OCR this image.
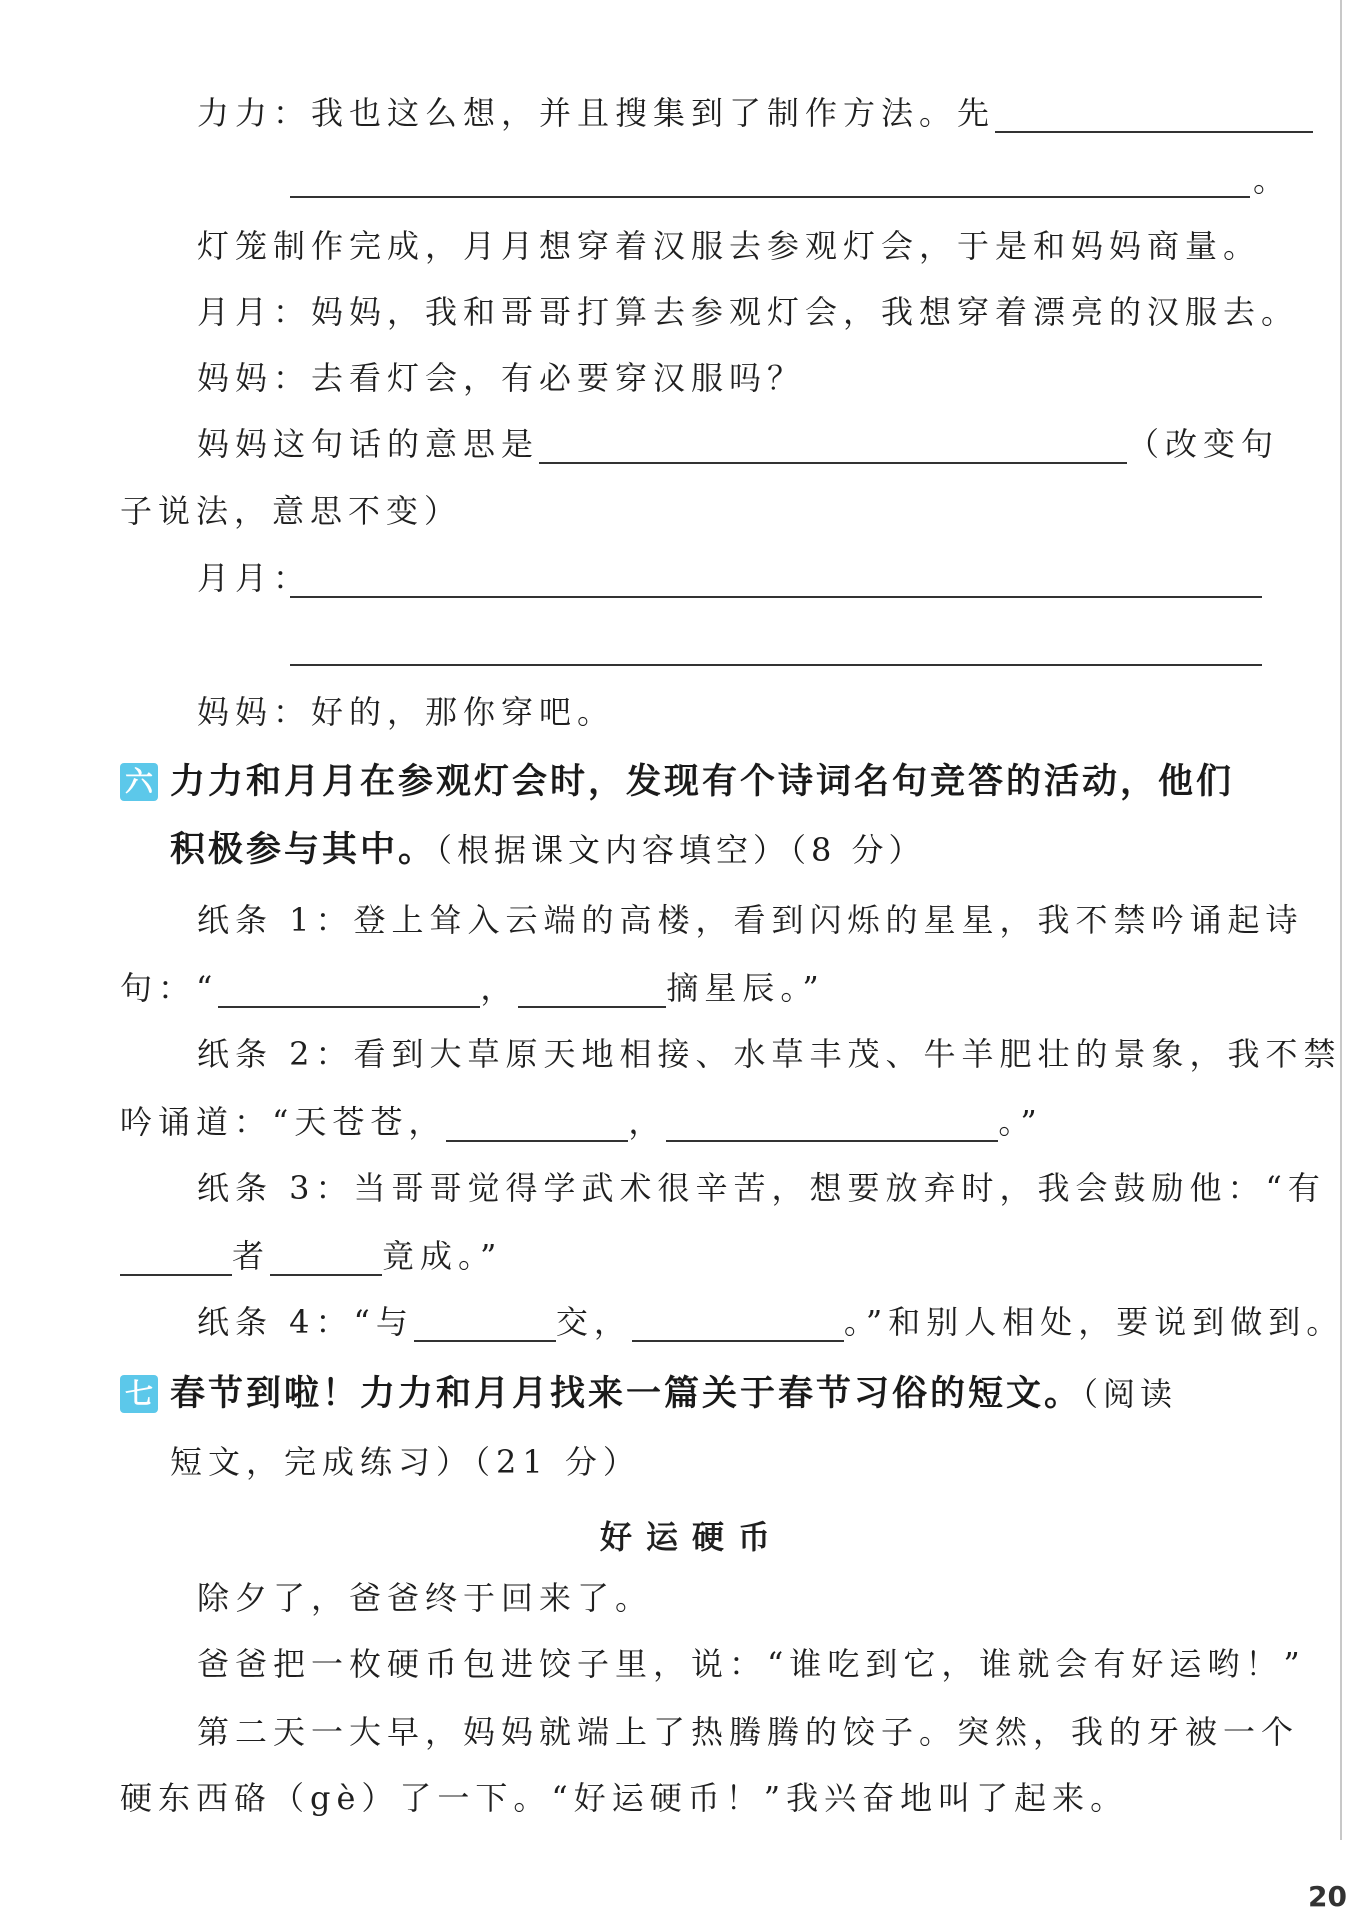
力力：我也这么想，并且搜集到了制作方法。先
。
灯笼制作完成，月月想穿着汉服去参观灯会，于是和妈妈商量。
月月：妈妈，我和哥哥打算去参观灯会，我想穿着漂亮的汉服去。
妈妈：去看灯会，有必要穿汉服吗？
妈妈这句话的意思是	（改变句
子说法，意思不变）
月月：
妈妈：好的，那你穿吧。
六 力力和月月在参观灯会时，发现有个诗词名句竞答的活动，他们
积极参与其中。（根据课文内容填空）（8 分）
纸条 1：登上耸入云端的高楼，看到闪烁的星星，我不禁吟诵起诗
句：“	，	摘星辰。”
纸条 2：看到大草原天地相接、水草丰茂、牛羊肥壮的景象，我不禁
吟诵道：“天苍苍，	，	。”
纸条 3：当哥哥觉得学武术很辛苦，想要放弃时，我会鼓励他：“有
者	竟成。”
纸条 4：“与	交，	。”和别人相处，要说到做到。
七 春节到啦！力力和月月找来一篇关于春节习俗的短文。（阅读
短文，完成练习）（21 分）
好运硬币
除夕了，爸爸终于回来了。
爸爸把一枚硬币包进饺子里，说：“谁吃到它，谁就会有好运哟！”
第二天一大早，妈妈就端上了热腾腾的饺子。突然，我的牙被一个
硬东西硌（gè）了一下。“好运硬币！”我兴奋地叫了起来。
20
